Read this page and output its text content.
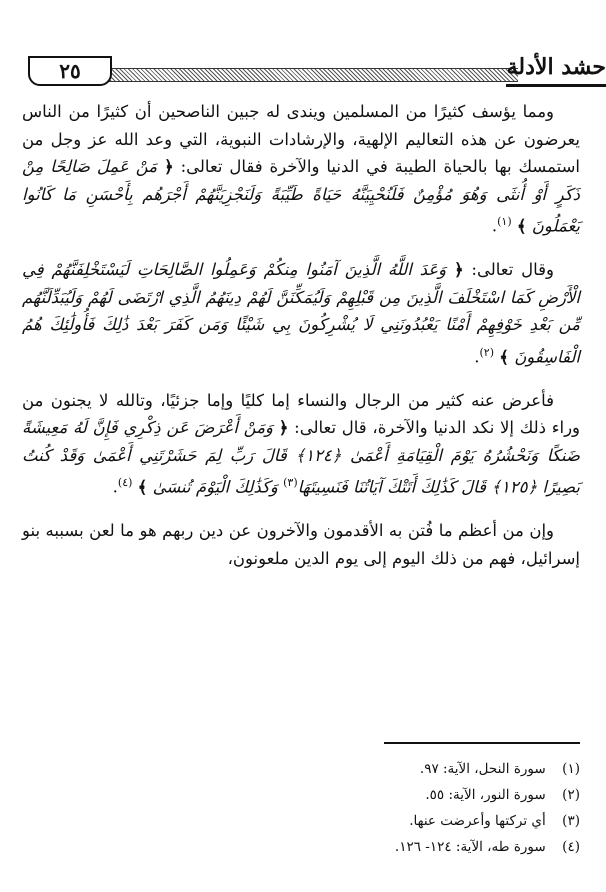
٢٥	حشد الأدلة

ومما يؤسف كثيرًا من المسلمين ويندى له جبين الناصحين أن كثيرًا من الناس يعرضون عن هذه التعاليم الإلهية، والإرشادات النبوية، التي وعد الله عز وجل من استمسك بها بالحياة الطيبة في الدنيا والآخرة فقال تعالى: ﴿ مَنْ عَمِلَ صَالِحًا مِنْ ذَكَرٍ أَوْ أُنثَى وَهُوَ مُؤْمِنٌ فَلَنُحْيِيَنَّهُ حَيَاةً طَيِّبَةً وَلَنَجْزِيَنَّهُمْ أَجْرَهُم بِأَحْسَنِ مَا كَانُوا يَعْمَلُونَ ﴾ $^{(١)}$.

وقال تعالى: ﴿ وَعَدَ اللَّهُ الَّذِينَ آمَنُوا مِنكُمْ وَعَمِلُوا الصَّالِحَاتِ لَيَسْتَخْلِفَنَّهُمْ فِي الْأَرْضِ كَمَا اسْتَخْلَفَ الَّذِينَ مِن قَبْلِهِمْ وَلَيُمَكِّنَنَّ لَهُمْ دِينَهُمُ الَّذِي ارْتَضَى لَهُمْ وَلَيُبَدِّلَنَّهُم مِّن بَعْدِ خَوْفِهِمْ أَمْنًا يَعْبُدُونَنِي لَا يُشْرِكُونَ بِي شَيْئًا وَمَن كَفَرَ بَعْدَ ذَٰلِكَ فَأُولَٰئِكَ هُمُ الْفَاسِقُونَ ﴾ $^{(٢)}$.

فأعرض عنه كثير من الرجال والنساء إما كليًا وإما جزئيًا، وتالله لا يجنون من وراء ذلك إلا نكد الدنيا والآخرة، قال تعالى: ﴿ وَمَنْ أَعْرَضَ عَن ذِكْرِي فَإِنَّ لَهُ مَعِيشَةً ضَنكًا وَنَحْشُرُهُ يَوْمَ الْقِيَامَةِ أَعْمَىٰ ﴿١٢٤﴾ قَالَ رَبِّ لِمَ حَشَرْتَنِي أَعْمَىٰ وَقَدْ كُنتُ بَصِيرًا ﴿١٢٥﴾ قَالَ كَذَٰلِكَ أَتَتْكَ آيَاتُنَا فَنَسِيتَهَا$^{(٣)}$ وَكَذَٰلِكَ الْيَوْمَ تُنسَىٰ ﴾ $^{(٤)}$.

وإن من أعظم ما فُتن به الأقدمون والآخرون عن دين ربهم هو ما لعن بسببه بنو إسرائيل، فهم من ذلك اليوم إلى يوم الدين ملعونون،

(١) سورة النحل، الآية: ٩٧.
(٢) سورة النور، الآية: ٥٥.
(٣) أي تركتها وأعرضت عنها.
(٤) سورة طه، الآية: ١٢٤- ١٢٦.
